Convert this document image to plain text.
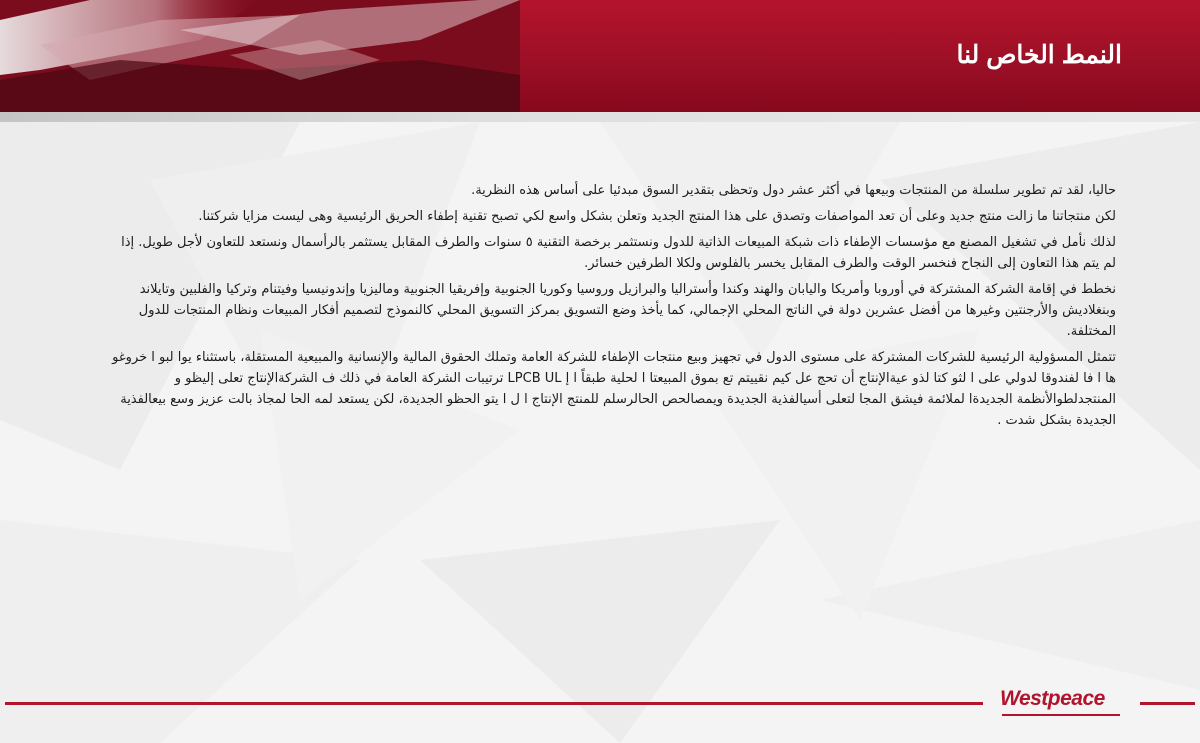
النمط الخاص لنا

حاليا، لقد تم تطوير سلسلة من المنتجات وبيعها في أكثر عشر دول وتحظى بتقدير السوق مبدئيا على أساس هذه النظرية.

لكن منتجاتنا ما زالت منتج جديد وعلى أن تعد المواصفات وتصدق على هذا المنتج الجديد وتعلن بشكل واسع لكي تصبح تقنية إطفاء الحريق الرئيسية وهى ليست مزايا شركتنا.

لذلك نأمل في تشغيل المصنع مع مؤسسات الإطفاء ذات شبكة المبيعات الذاتية للدول ونستثمر برخصة التقنية ٥ سنوات والطرف المقابل يستثمر بالرأسمال ونستعد للتعاون لأجل طويل. إذا لم يتم هذا التعاون إلى النجاح فنخسر الوقت والطرف المقابل يخسر بالفلوس ولكلا الطرفين خسائر.

نخطط في إقامة الشركة المشتركة في أوروبا وأمريكا واليابان والهند وكندا وأستراليا والبرازيل وروسيا وكوريا الجنوبية وإفريقيا الجنوبية وماليزيا وإندونيسيا وفيتنام وتركيا والفلبين وتايلاند وبنغلاديش والأرجنتين وغيرها من أفضل عشرين دولة في الناتج المحلي الإجمالي، كما يأخذ وضع التسويق بمركز التسويق المحلي كالنموذج لتصميم أفكار المبيعات ونظام المنتجات للدول المختلفة.

تتمثل المسؤولية الرئيسية للشركات المشتركة على مستوى الدول في تجهيز وبيع منتجات الإطفاء للشركة العامة وتملك الحقوق المالية والإنسانية والمبيعية المستقلة، باستثناء يوا لبو ا خروغو ها ا فا لفندوقا لدولي على ا لثو كتا لذو عيةالإنتاج أن تحج عل كيم نقييتم تع بموق المبيعتا ا لحلية طبقاً ا إ LPCB UL ترتيبات الشركة العامة في ذلك ف الشركةالإنتاج تعلى إليظو و المنتجدلطوالأنظمة الجديدةا لملائمة فيشق المجا لتعلى أسيالفذية الجديدة ويمصالحص الحالرسلم للمنتج الإنتاج ا ل ا يتو الحظو الجديدة، لكن يستعد لمه الحا لمجاذ بالت عزيز وسع بيعالفذية الجديدة بشكل شدت .

Westpeace
